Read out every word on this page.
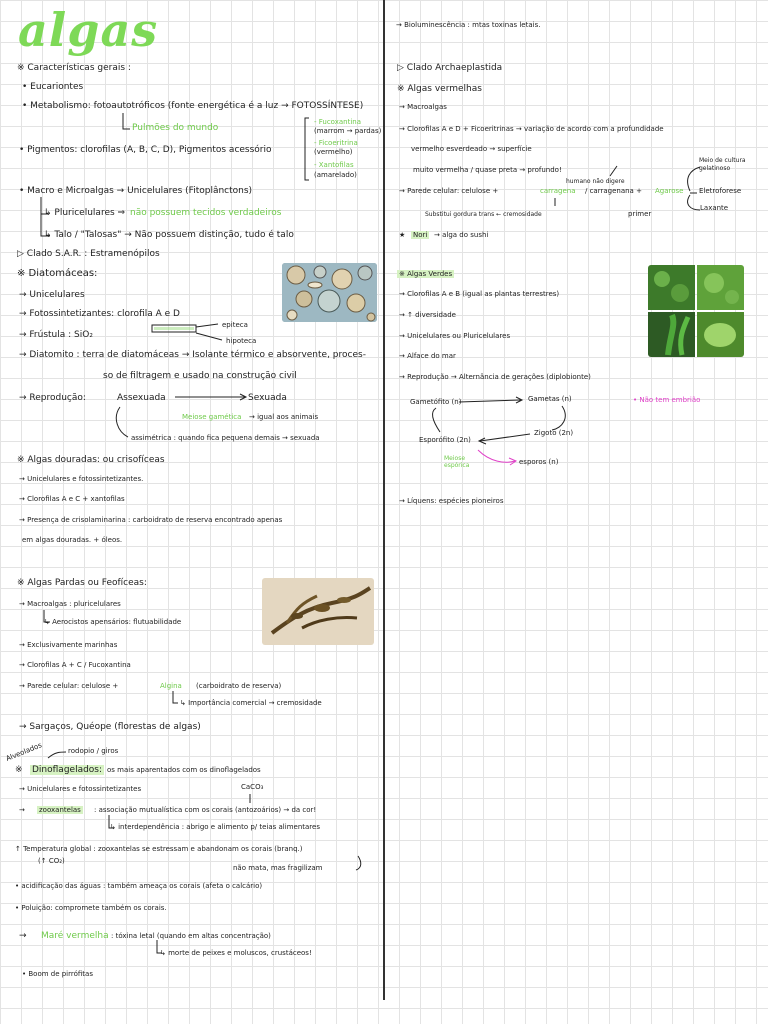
algas
※ Características gerais :
• Eucariontes
• Metabolismo: fotoautotróficos (fonte energética é a luz → FOTOSSÍNTESE)
Pulmões do mundo
• Pigmentos: clorofilas (A, B, C, D), Pigmentos acessório
- Fucoxantina
(marrom → pardas)
- Ficoeritrina
(vermelho)
- Xantofilas
(amarelado)
• Macro e Microalgas → Unicelulares (Fitoplânctons)
↳ Pluricelulares ⇒ não possuem tecidos verdadeiros
↳ Talo / "Talosas" → Não possuem distinção, tudo é talo
▷ Clado S.A.R. : Estramenópilos
※ Diatomáceas:
→ Unicelulares
→ Fotossintetizantes: clorofila A e D
→ Frústula : SiO₂
epiteca
hipoteca
→ Diatomito : terra de diatomáceas → Isolante térmico e absorvente, proces-
so de filtragem e usado na construção civil
→ Reprodução:	Assexuada	Sexuada
Meiose gamética → igual aos animais
assimétrica : quando fica pequena demais → sexuada
※ Algas douradas: ou crisofíceas
→ Unicelulares e fotossintetizantes.
→ Clorofilas A e C + xantofilas
→ Presença de crisolaminarina : carboidrato de reserva encontrado apenas
em algas douradas. + óleos.
※ Algas Pardas ou Feofíceas:
→ Macroalgas : pluricelulares
↳ Aerocistos apensários: flutuabilidade
→ Exclusivamente marinhas
→ Clorofilas A + C / Fucoxantina
→ Parede celular: celulose +	Algina (carboidrato de reserva)
↳ Importância comercial → cremosidade
→ Sargaços, Quéope (florestas de algas)
Alveolados	rodopio / giros
※ Dinoflagelados: os mais aparentados com os dinoflagelados
→ Unicelulares e fotossintetizantes	CaCO₃
→ zooxantelas : associação mutualística com os corais (antozoários) → da cor!
↳ interdependência : abrigo e alimento p/ teias alimentares
↑ Temperatura global : zooxantelas se estressam e abandonam os corais (branq.)
(↑ CO₂)
não mata, mas fragilizam
• acidificação das águas : também ameaça os corais (afeta o calcário)
• Poluição: compromete também os corais.
→ Maré vermelha : tóxina letal (quando em altas concentração)
↳ morte de peixes e moluscos, crustáceos!
• Boom de pirrófitas
→ Bioluminescência : mtas toxinas letais.
▷ Clado Archaeplastida
※ Algas vermelhas
→ Macroalgas
→ Clorofilas A e D + Ficoeritrinas → variação de acordo com a profundidade
vermelho esverdeado → superfície
muito vermelha / quase preta → profundo!
humano não digere
→ Parede celular: celulose +	carragena / carragenana + Agarose
Meio de cultura gelatinoso
Eletroforese
Laxante
Substitui gordura trans ← cremosidade	primer
★ Nori → alga do sushi
※ Algas Verdes
→ Clorofilas A e B (igual as plantas terrestres)
→ ↑ diversidade
→ Unicelulares ou Pluricelulares
→ Alface do mar
→ Reprodução → Alternância de gerações (diplobionte)
Gametófito (n)	Gametas (n)	• Não tem embrião
Zigoto (2n)
Esporófito (2n)
Meiose espórica	esporos (n)
→ Líquens: espécies pioneiros
